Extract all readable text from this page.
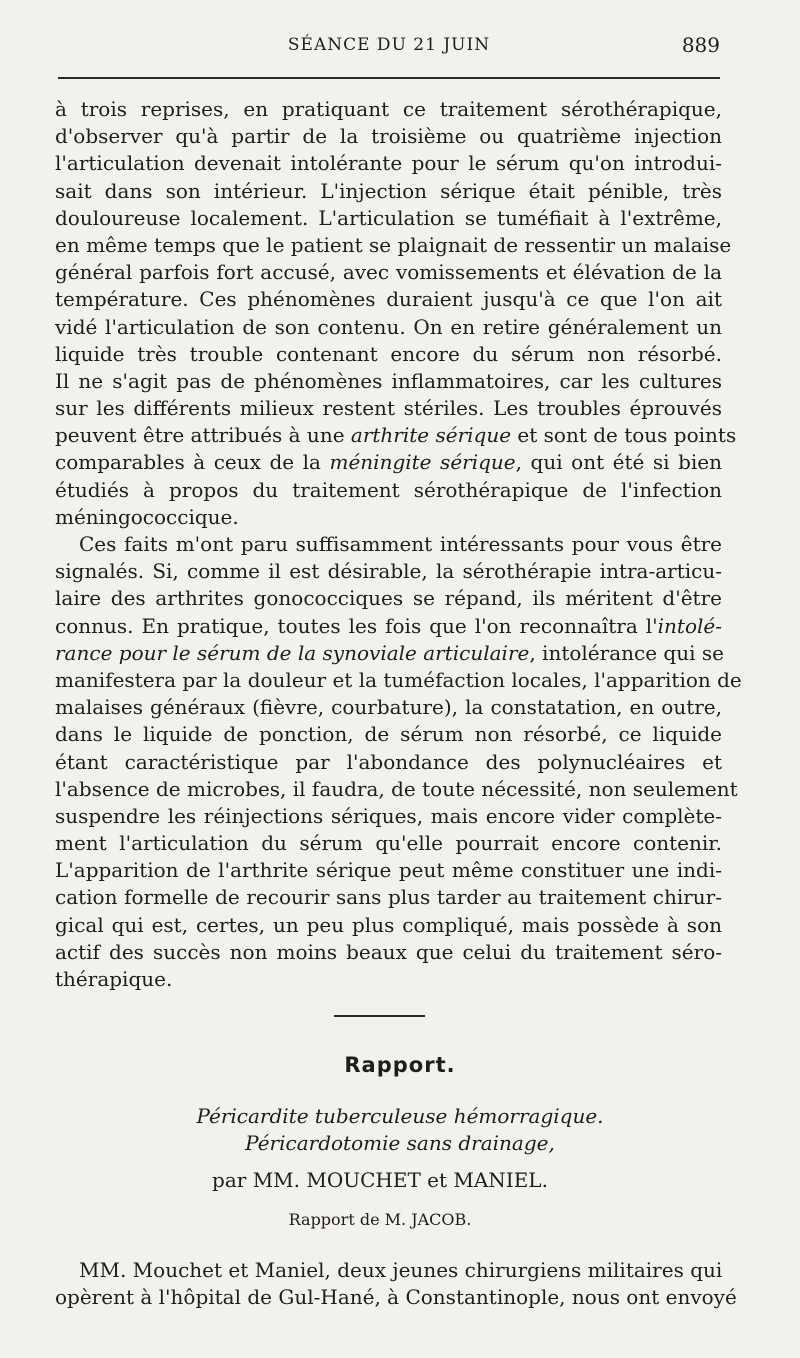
SÉANCE DU 21 JUIN	889
à trois reprises, en pratiquant ce traitement sérothérapique,
d'observer qu'à partir de la troisième ou quatrième injection
l'articulation devenait intolérante pour le sérum qu'on introdui-
sait dans son intérieur. L'injection sérique était pénible, très
douloureuse localement. L'articulation se tuméfiait à l'extrême,
en même temps que le patient se plaignait de ressentir un malaise
général parfois fort accusé, avec vomissements et élévation de la
température. Ces phénomènes duraient jusqu'à ce que l'on ait
vidé l'articulation de son contenu. On en retire généralement un
liquide très trouble contenant encore du sérum non résorbé.
Il ne s'agit pas de phénomènes inflammatoires, car les cultures
sur les différents milieux restent stériles. Les troubles éprouvés
peuvent être attribués à une arthrite sérique et sont de tous points
comparables à ceux de la méningite sérique, qui ont été si bien
étudiés à propos du traitement sérothérapique de l'infection
méningococcique.
Ces faits m'ont paru suffisamment intéressants pour vous être
signalés. Si, comme il est désirable, la sérothérapie intra-articu-
laire des arthrites gonococciques se répand, ils méritent d'être
connus. En pratique, toutes les fois que l'on reconnaîtra l'intolé-
rance pour le sérum de la synoviale articulaire, intolérance qui se
manifestera par la douleur et la tuméfaction locales, l'apparition de
malaises généraux (fièvre, courbature), la constatation, en outre,
dans le liquide de ponction, de sérum non résorbé, ce liquide
étant caractéristique par l'abondance des polynucléaires et
l'absence de microbes, il faudra, de toute nécessité, non seulement
suspendre les réinjections sériques, mais encore vider complète-
ment l'articulation du sérum qu'elle pourrait encore contenir.
L'apparition de l'arthrite sérique peut même constituer une indi-
cation formelle de recourir sans plus tarder au traitement chirur-
gical qui est, certes, un peu plus compliqué, mais possède à son
actif des succès non moins beaux que celui du traitement séro-
thérapique.
Rapport.
Péricardite tuberculeuse hémorragique.
Péricardotomie sans drainage,
par MM. MOUCHET et MANIEL.
Rapport de M. JACOB.
MM. Mouchet et Maniel, deux jeunes chirurgiens militaires qui
opèrent à l'hôpital de Gul-Hané, à Constantinople, nous ont envoyé
